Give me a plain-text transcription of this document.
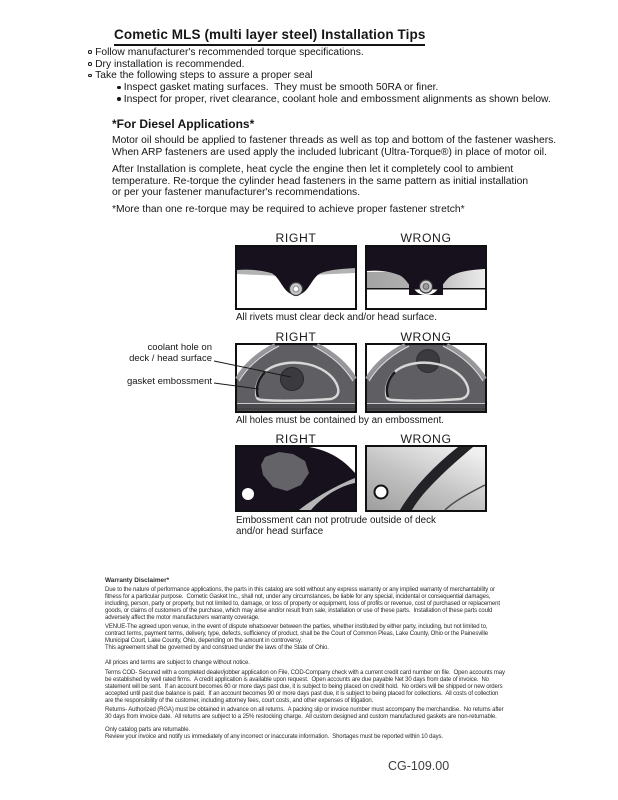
Cometic MLS (multi layer steel) Installation Tips
Follow manufacturer's recommended torque specifications.
Dry installation is recommended.
Take the following steps to assure a proper seal
Inspect gasket mating surfaces.  They must be smooth 50RA or finer.
Inspect for proper, rivet clearance, coolant hole and embossment alignments as shown below.
*For Diesel Applications*
Motor oil should be applied to fastener threads as well as top and bottom of the fastener washers.
When ARP fasteners are used apply the included lubricant (Ultra-Torque®) in place of motor oil.
After Installation is complete, heat cycle the engine then let it completely cool to ambient
temperature. Re-torque the cylinder head fasteners in the same pattern as initial installation
or per your fastener manufacturer's recommendations.
*More than one re-torque may be required to achieve proper fastener stretch*
RIGHT	WRONG
All rivets must clear deck and/or head surface.
RIGHT	WRONG
coolant hole on
deck / head surface
gasket embossment
All holes must be contained by an embossment.
RIGHT	WRONG
Embossment can not protrude outside of deck
and/or head surface
Warranty Disclaimer*
Due to the nature of performance applications, the parts in this catalog are sold without any express warranty or any implied warranty of merchantability or
fitness for a particular purpose.  Cometic Gasket Inc., shall not, under any circumstances, be liable for any special, incidental or consequential damages,
including, person, party or property, but not limited to, damage, or loss of property or equipment, loss of profits or revenue, cost of purchased or replacement
goods, or claims of customers of the purchase, which may arise and/or result from sale, installation or use of these parts.  Installation of these parts could
adversely affect the motor manufacturers warranty coverage.
VENUE-The agreed upon venue, in the event of dispute whatsoever between the parties, whether instituted by either party, including, but not limited to,
contract terms, payment terms, delivery, type, defects, sufficiency of product, shall be the Court of Common Pleas, Lake County, Ohio or the Painesville
Municipal Court, Lake County, Ohio, depending on the amount in controversy.
This agreement shall be governed by and construed under the laws of the State of Ohio.
All prices and terms are subject to change without notice.
Terms COD- Secured with a completed dealer/jobber application on File, COD-Company check with a current credit card number on file.  Open accounts may
be established by well rated firms.  A credit application is available upon request.  Open accounts are due payable Net 30 days from date of invoice.  No
statement will be sent.  If an account becomes 60 or more days past due, it is subject to being placed on credit hold.  No orders will be shipped or new orders
accepted until past due balance is paid.  If an account becomes 90 or more days past due, it is subject to being placed for collections.  All costs of collection
are the responsibility of the customer, including attorney fees, court costs, and other expenses of litigation.
Returns- Authorized (RGA) must be obtained in advance on all returns.  A packing slip or invoice number must accompany the merchandise.  No returns after
30 days from invoice date.  All returns are subject to a 25% restocking charge.  All custom designed and custom manufactured gaskets are non-returnable.
Only catalog parts are returnable.
Review your invoice and notify us immediately of any incorrect or inaccurate information.  Shortages must be reported within 10 days.
CG-109.00
